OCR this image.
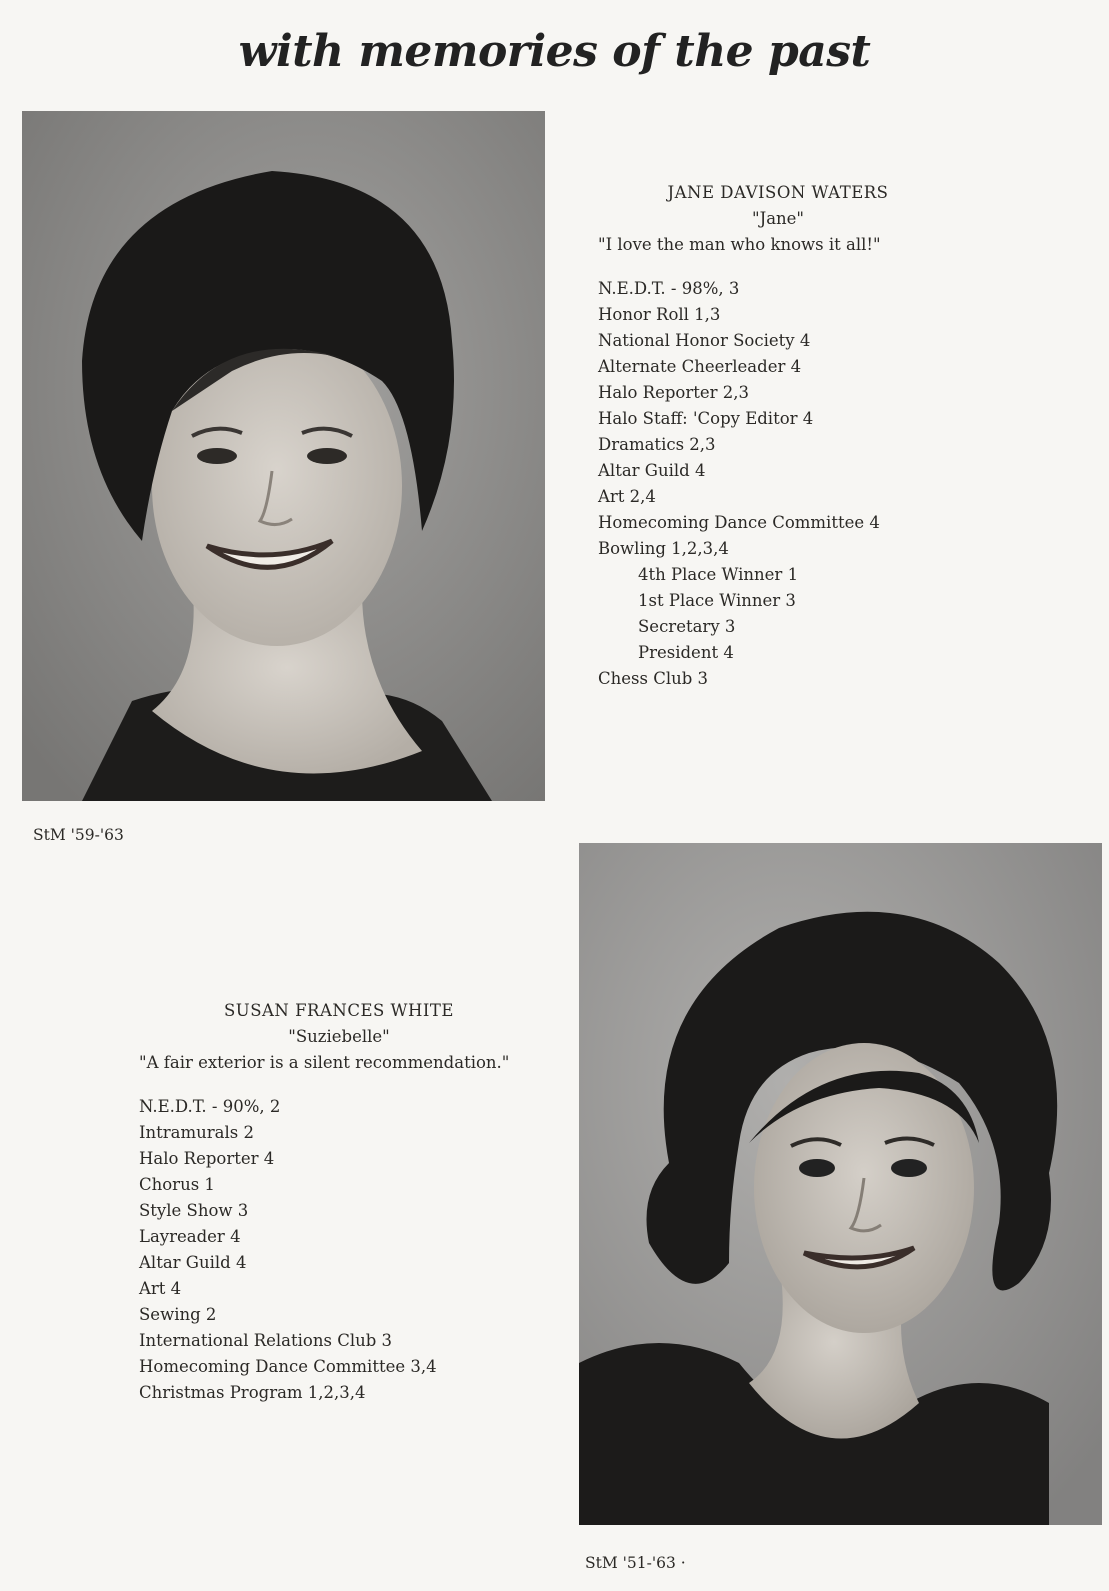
with memories of the past
JANE DAVISON WATERS
"Jane"
"I love the man who knows it all!"
N.E.D.T. - 98%, 3
Honor Roll 1,3
National Honor Society 4
Alternate Cheerleader 4
Halo Reporter 2,3
Halo Staff: 'Copy Editor 4
Dramatics 2,3
Altar Guild 4
Art 2,4
Homecoming Dance Committee 4
Bowling 1,2,3,4
4th Place Winner 1
1st Place Winner 3
Secretary 3
President 4
Chess Club 3
StM '59-'63
SUSAN FRANCES WHITE
"Suziebelle"
"A fair exterior is a silent recommendation."
N.E.D.T. - 90%, 2
Intramurals 2
Halo Reporter 4
Chorus 1
Style Show 3
Layreader 4
Altar Guild 4
Art 4
Sewing 2
International Relations Club 3
Homecoming Dance Committee 3,4
Christmas Program 1,2,3,4
StM '51-'63 ·
